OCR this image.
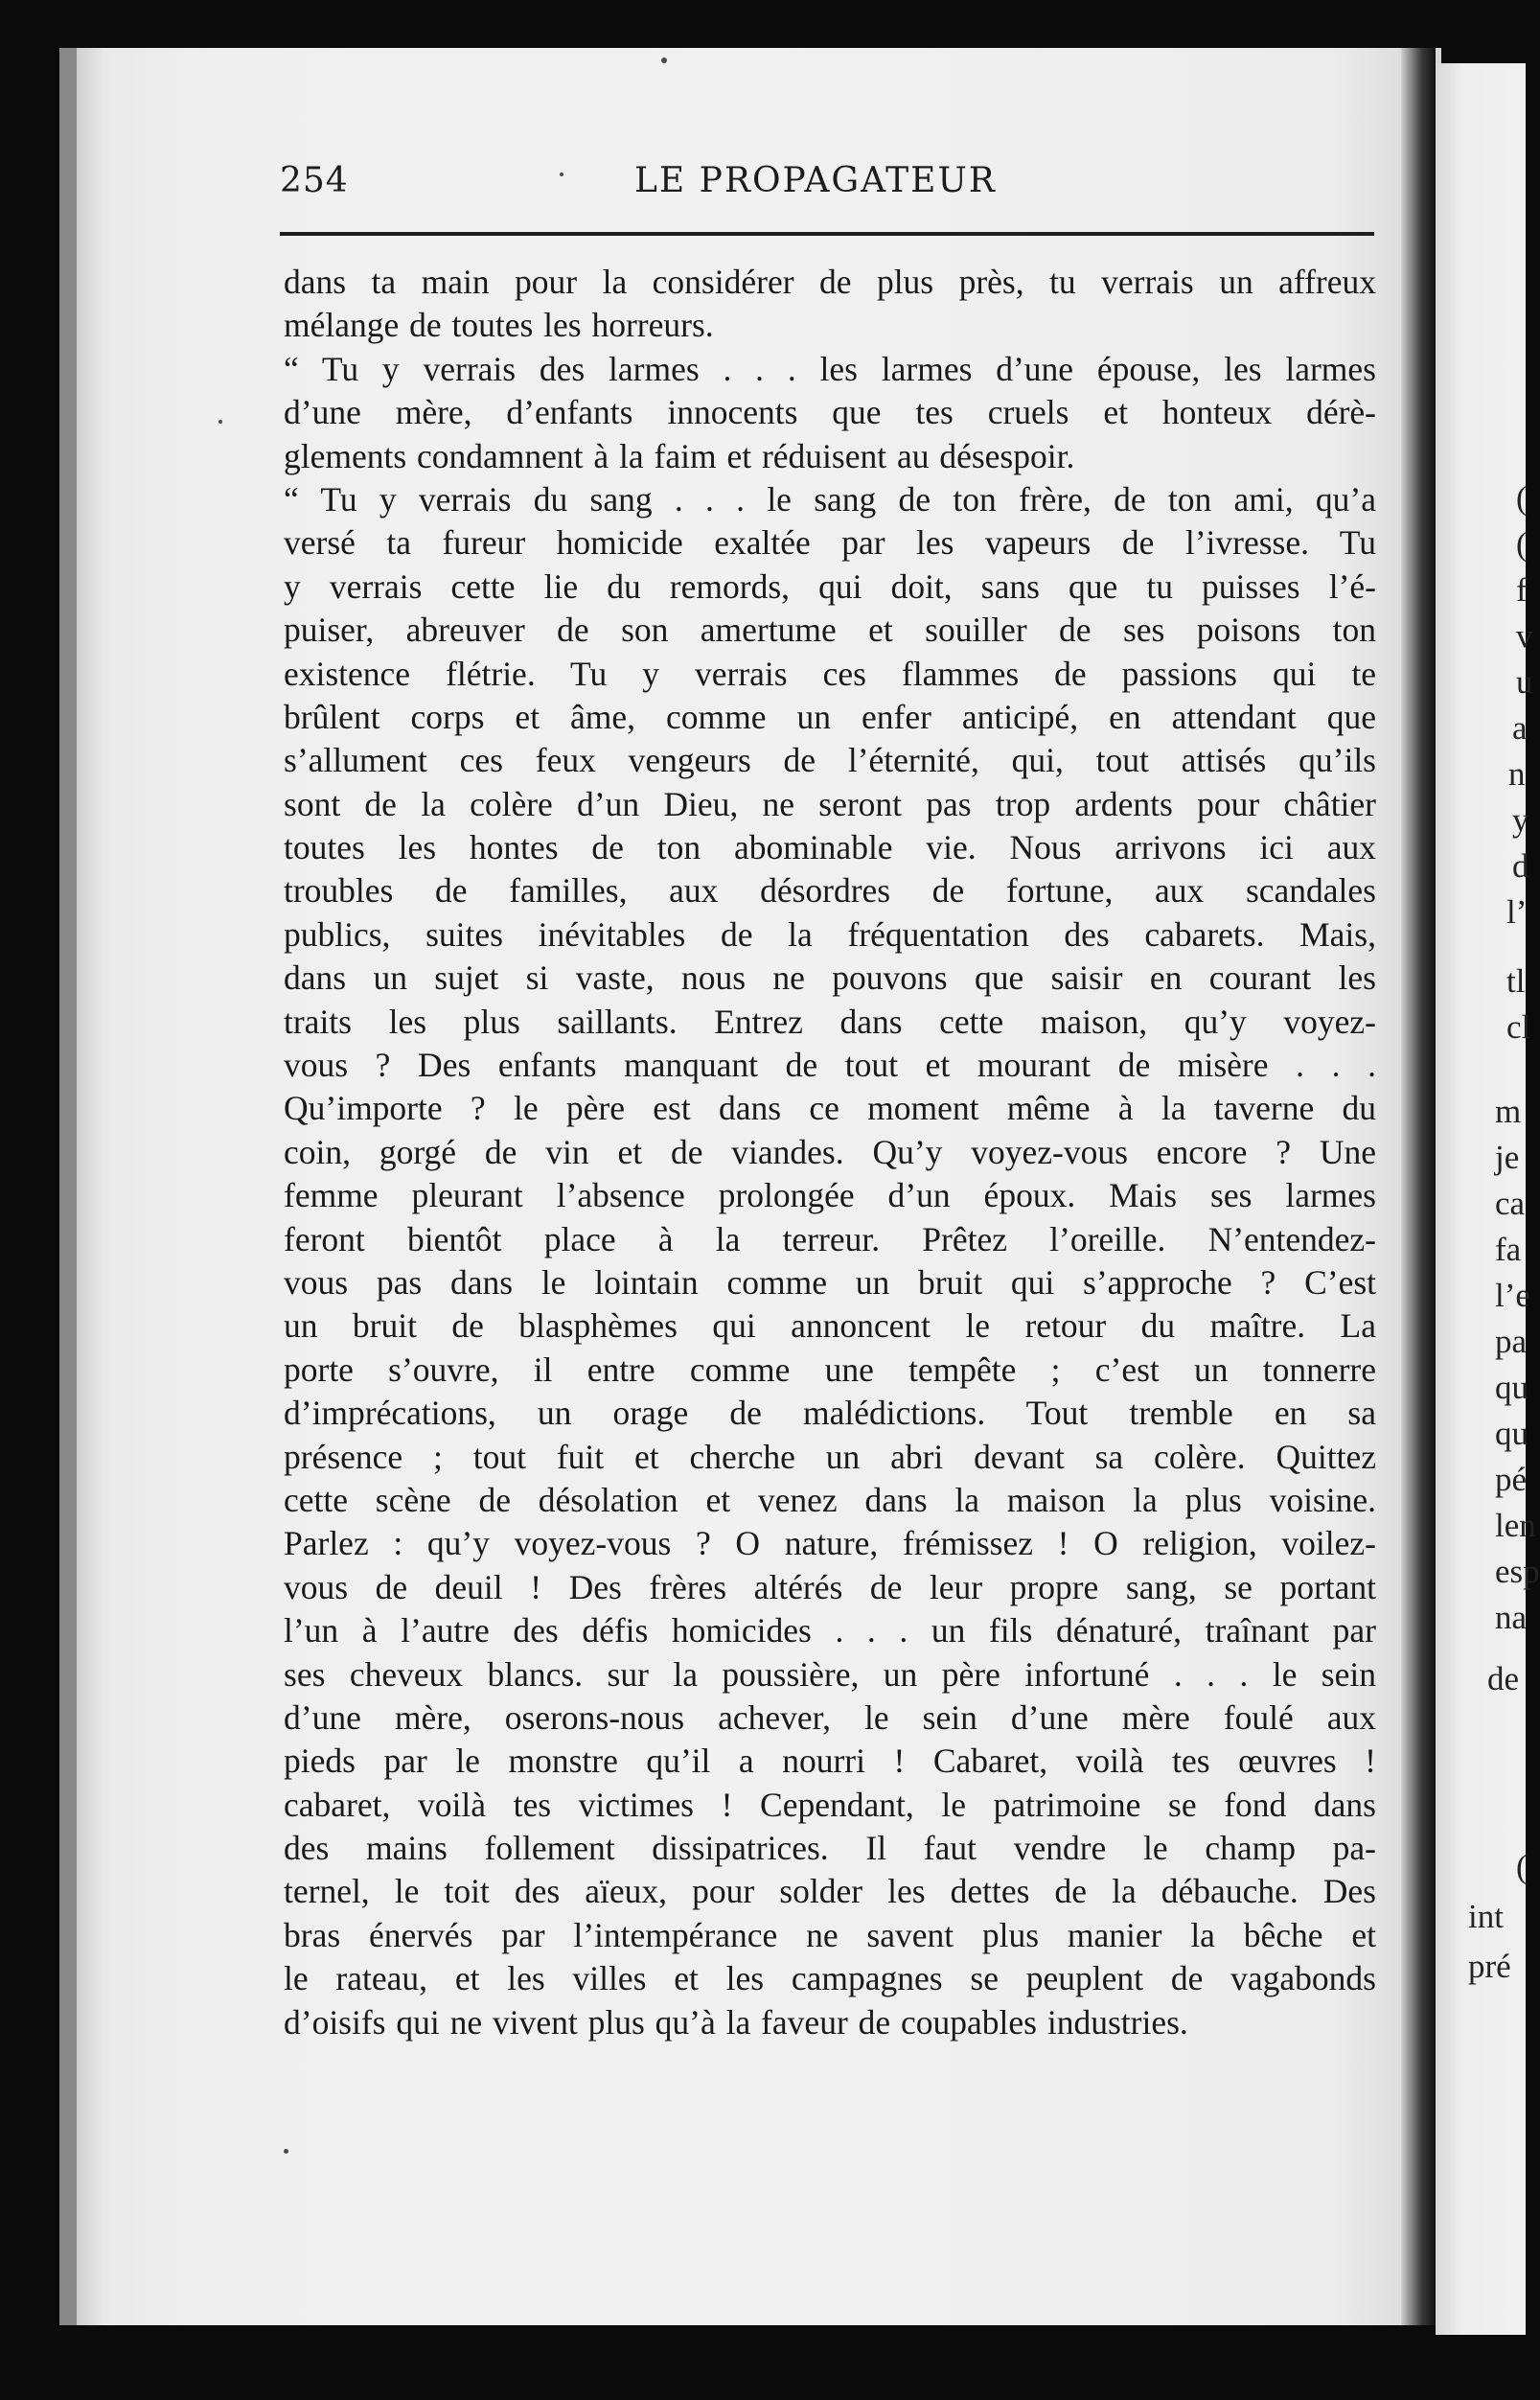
254	LE PROPAGATEUR
dans ta main pour la considérer de plus près, tu verrais un affreux
mélange de toutes les horreurs.
“ Tu y verrais des larmes . . . les larmes d’une épouse, les larmes
d’une mère, d’enfants innocents que tes cruels et honteux dérè-
glements condamnent à la faim et réduisent au désespoir.
“ Tu y verrais du sang . . . le sang de ton frère, de ton ami, qu’a
versé ta fureur homicide exaltée par les vapeurs de l’ivresse. Tu
y verrais cette lie du remords, qui doit, sans que tu puisses l’é-
puiser, abreuver de son amertume et souiller de ses poisons ton
existence flétrie. Tu y verrais ces flammes de passions qui te
brûlent corps et âme, comme un enfer anticipé, en attendant que
s’allument ces feux vengeurs de l’éternité, qui, tout attisés qu’ils
sont de la colère d’un Dieu, ne seront pas trop ardents pour châtier
toutes les hontes de ton abominable vie. Nous arrivons ici aux
troubles de familles, aux désordres de fortune, aux scandales
publics, suites inévitables de la fréquentation des cabarets. Mais,
dans un sujet si vaste, nous ne pouvons que saisir en courant les
traits les plus saillants. Entrez dans cette maison, qu’y voyez-
vous ? Des enfants manquant de tout et mourant de misère . . .
Qu’importe ? le père est dans ce moment même à la taverne du
coin, gorgé de vin et de viandes. Qu’y voyez-vous encore ? Une
femme pleurant l’absence prolongée d’un époux. Mais ses larmes
feront bientôt place à la terreur. Prêtez l’oreille. N’entendez-
vous pas dans le lointain comme un bruit qui s’approche ? C’est
un bruit de blasphèmes qui annoncent le retour du maître. La
porte s’ouvre, il entre comme une tempête ; c’est un tonnerre
d’imprécations, un orage de malédictions. Tout tremble en sa
présence ; tout fuit et cherche un abri devant sa colère. Quittez
cette scène de désolation et venez dans la maison la plus voisine.
Parlez : qu’y voyez-vous ? O nature, frémissez ! O religion, voilez-
vous de deuil ! Des frères altérés de leur propre sang, se portant
l’un à l’autre des défis homicides . . . un fils dénaturé, traînant par
ses cheveux blancs. sur la poussière, un père infortuné . . . le sein
d’une mère, oserons-nous achever, le sein d’une mère foulé aux
pieds par le monstre qu’il a nourri ! Cabaret, voilà tes œuvres !
cabaret, voilà tes victimes ! Cependant, le patrimoine se fond dans
des mains follement dissipatrices. Il faut vendre le champ pa-
ternel, le toit des aïeux, pour solder les dettes de la débauche. Des
bras énervés par l’intempérance ne savent plus manier la bêche et
le rateau, et les villes et les campagnes se peuplent de vagabonds
d’oisifs qui ne vivent plus qu’à la faveur de coupables industries.
(
(
f
v
u
a
n
y
d
l’
tl
cl
m
je
ca
fa
l’e
pa
qu
qu
pé
len
esp
na
de
(
int
pré
